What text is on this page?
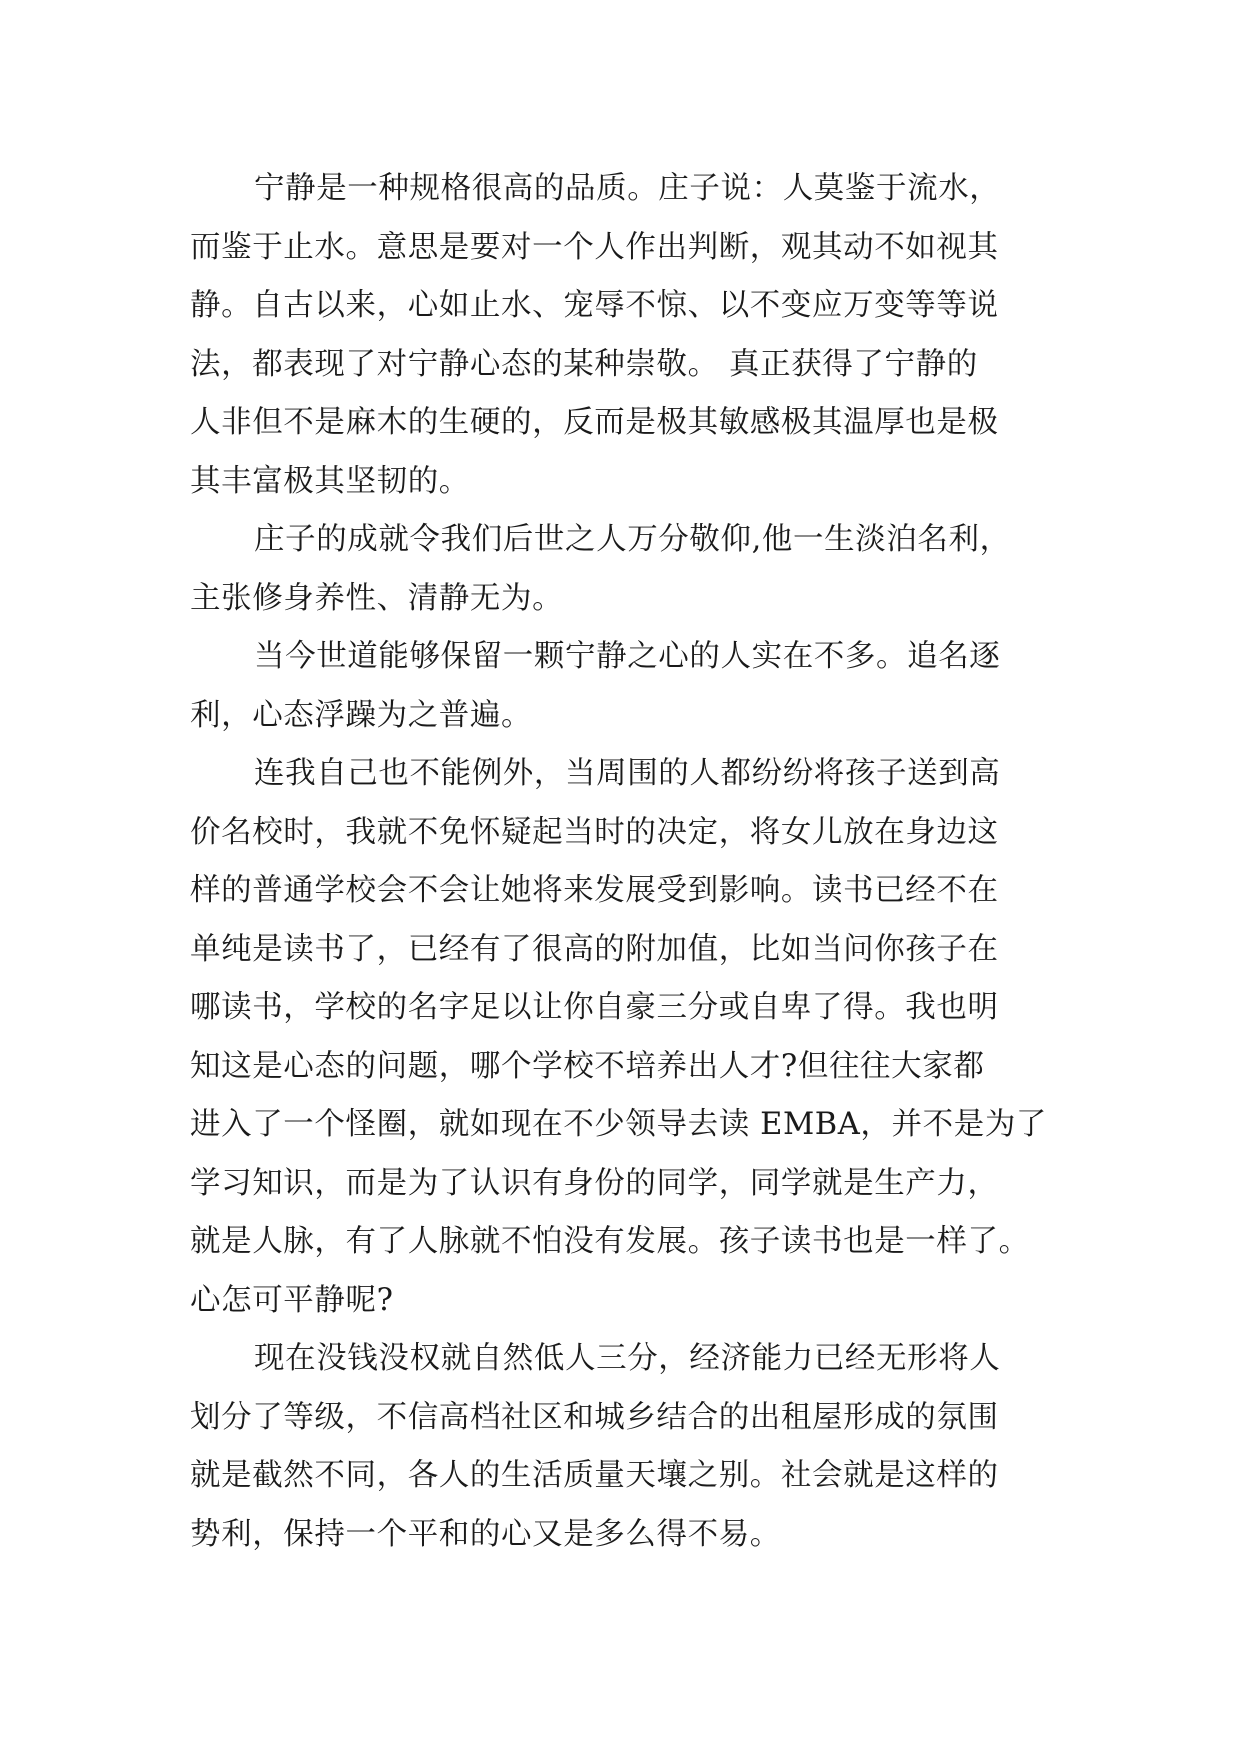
宁静是一种规格很高的品质。庄子说：人莫鉴于流水，
而鉴于止水。意思是要对一个人作出判断，观其动不如视其
静。自古以来，心如止水、宠辱不惊、以不变应万变等等说
法，都表现了对宁静心态的某种崇敬。 真正获得了宁静的
人非但不是麻木的生硬的，反而是极其敏感极其温厚也是极
其丰富极其坚韧的。

庄子的成就令我们后世之人万分敬仰,他一生淡泊名利，
主张修身养性、清静无为。

当今世道能够保留一颗宁静之心的人实在不多。追名逐
利，心态浮躁为之普遍。

连我自己也不能例外，当周围的人都纷纷将孩子送到高
价名校时，我就不免怀疑起当时的决定，将女儿放在身边这
样的普通学校会不会让她将来发展受到影响。读书已经不在
单纯是读书了，已经有了很高的附加值，比如当问你孩子在
哪读书，学校的名字足以让你自豪三分或自卑了得。我也明
知这是心态的问题，哪个学校不培养出人才?但往往大家都
进入了一个怪圈，就如现在不少领导去读 EMBA，并不是为了
学习知识，而是为了认识有身份的同学，同学就是生产力，
就是人脉，有了人脉就不怕没有发展。孩子读书也是一样了。
心怎可平静呢?

现在没钱没权就自然低人三分，经济能力已经无形将人
划分了等级，不信高档社区和城乡结合的出租屋形成的氛围
就是截然不同，各人的生活质量天壤之别。社会就是这样的
势利，保持一个平和的心又是多么得不易。
